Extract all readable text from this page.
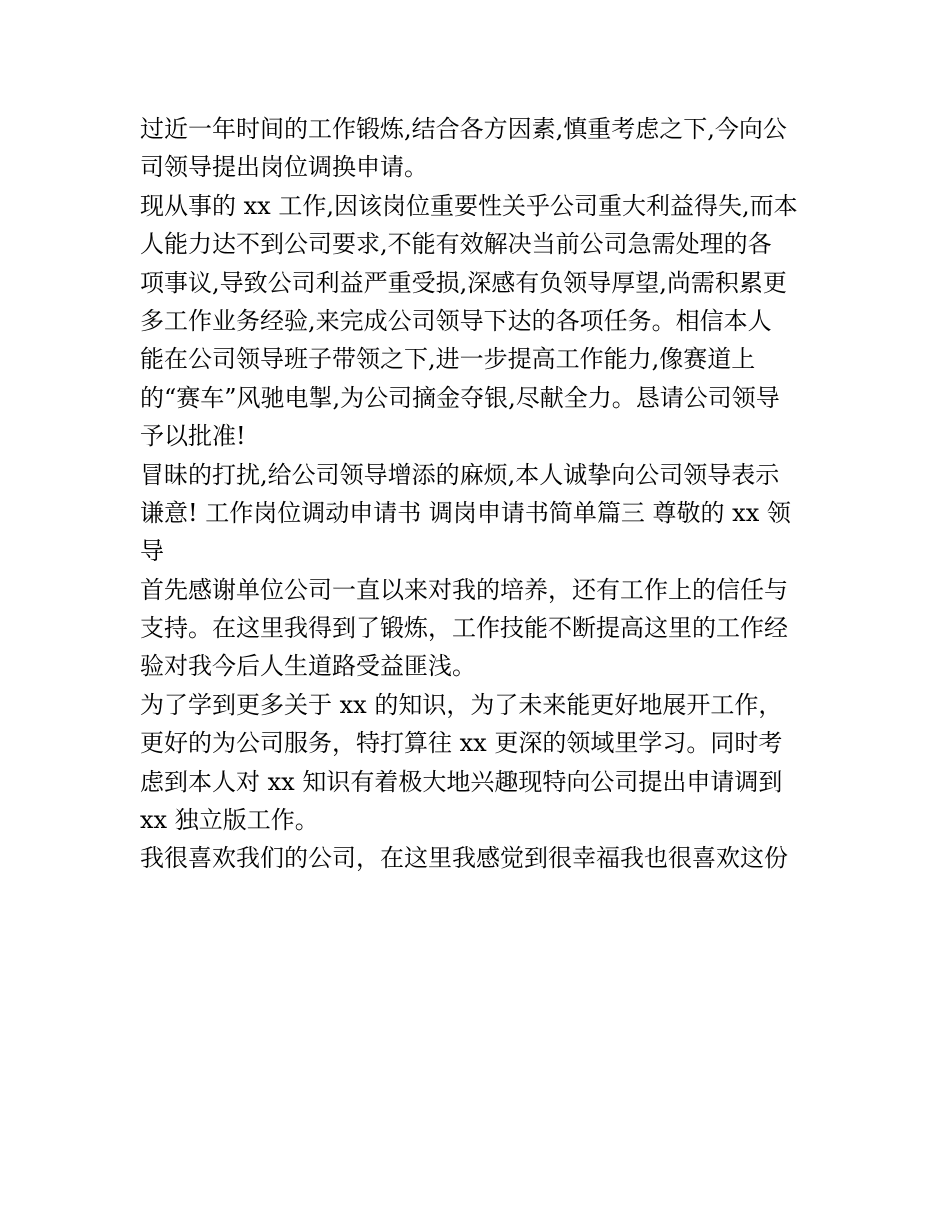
过近一年时间的工作锻炼,结合各方因素,慎重考虑之下,今向公
司领导提出岗位调换申请。
现从事的 xx 工作,因该岗位重要性关乎公司重大利益得失,而本
人能力达不到公司要求,不能有效解决当前公司急需处理的各
项事议,导致公司利益严重受损,深感有负领导厚望,尚需积累更
多工作业务经验,来完成公司领导下达的各项任务。相信本人
能在公司领导班子带领之下,进一步提高工作能力,像赛道上
的“赛车”风驰电掣,为公司摘金夺银,尽献全力。恳请公司领导
予以批准!
冒昧的打扰,给公司领导增添的麻烦,本人诚挚向公司领导表示
谦意! 工作岗位调动申请书 调岗申请书简单篇三 尊敬的 xx 领
导
首先感谢单位公司一直以来对我的培养，还有工作上的信任与
支持。在这里我得到了锻炼，工作技能不断提高这里的工作经
验对我今后人生道路受益匪浅。
为了学到更多关于 xx 的知识，为了未来能更好地展开工作，
更好的为公司服务，特打算往 xx 更深的领域里学习。同时考
虑到本人对 xx 知识有着极大地兴趣现特向公司提出申请调到
xx 独立版工作。
我很喜欢我们的公司，在这里我感觉到很幸福我也很喜欢这份
